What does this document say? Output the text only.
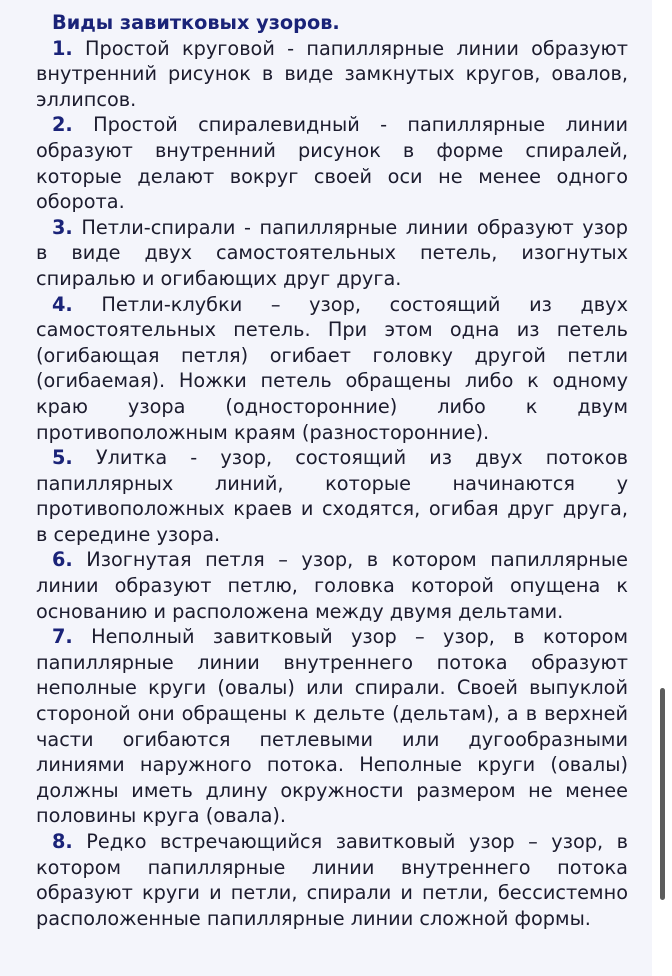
Виды завитковых узоров.

1. Простой круговой - папиллярные линии образуют внутренний рисунок в виде замкнутых кругов, овалов, эллипсов.

2. Простой спиралевидный - папиллярные линии образуют внутренний рисунок в форме спиралей, которые делают вокруг своей оси не менее одного оборота.

3. Петли-спирали - папиллярные линии образуют узор в виде двух самостоятельных петель, изогнутых спиралью и огибающих друг друга.

4. Петли-клубки – узор, состоящий из двух самостоятельных петель. При этом одна из петель (огибающая петля) огибает головку другой петли (огибаемая). Ножки петель обращены либо к одному краю узора (односторонние) либо к двум противоположным краям (разносторонние).

5. Улитка - узор, состоящий из двух потоков папиллярных линий, которые начинаются у противоположных краев и сходятся, огибая друг друга, в середине узора.

6. Изогнутая петля – узор, в котором папиллярные линии образуют петлю, головка которой опущена к основанию и расположена между двумя дельтами.

7. Неполный завитковый узор – узор, в котором папиллярные линии внутреннего потока образуют неполные круги (овалы) или спирали. Своей выпуклой стороной они обращены к дельте (дельтам), а в верхней части огибаются петлевыми или дугообразными линиями наружного потока. Неполные круги (овалы) должны иметь длину окружности размером не менее половины круга (овала).

8. Редко встречающийся завитковый узор – узор, в котором папиллярные линии внутреннего потока образуют круги и петли, спирали и петли, бессистемно расположенные папиллярные линии сложной формы.
